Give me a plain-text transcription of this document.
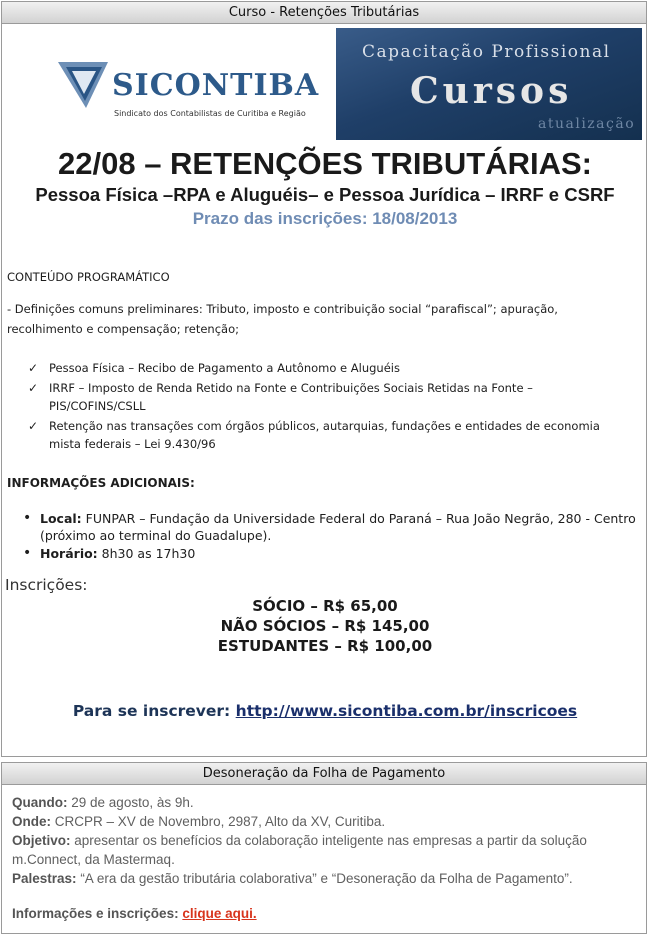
Curso - Retenções Tributárias
SICONTIBA
Sindicato dos Contabilistas de Curitiba e Região
Capacitação Profissional
Cursos
atualização
22/08 – RETENÇÕES TRIBUTÁRIAS:
Pessoa Física –RPA e Aluguéis– e Pessoa Jurídica – IRRF e CSRF
Prazo das inscrições: 18/08/2013
CONTEÚDO PROGRAMÁTICO
- Definições comuns preliminares: Tributo, imposto e contribuição social “parafiscal”; apuração, recolhimento e compensação; retenção;
✓ Pessoa Física – Recibo de Pagamento a Autônomo e Aluguéis
✓ IRRF – Imposto de Renda Retido na Fonte e Contribuições Sociais Retidas na Fonte – PIS/COFINS/CSLL
✓ Retenção nas transações com órgãos públicos, autarquias, fundações e entidades de economia mista federais – Lei 9.430/96
INFORMAÇÕES ADICIONAIS:
• Local: FUNPAR – Fundação da Universidade Federal do Paraná – Rua João Negrão, 280 - Centro (próximo ao terminal do Guadalupe).
• Horário: 8h30 as 17h30
Inscrições:
SÓCIO – R$ 65,00
NÃO SÓCIOS – R$ 145,00
ESTUDANTES – R$ 100,00
Para se inscrever: http://www.sicontiba.com.br/inscricoes
Desoneração da Folha de Pagamento
Quando: 29 de agosto, às 9h.
Onde: CRCPR – XV de Novembro, 2987, Alto da XV, Curitiba.
Objetivo: apresentar os benefícios da colaboração inteligente nas empresas a partir da solução m.Connect, da Mastermaq.
Palestras: “A era da gestão tributária colaborativa” e “Desoneração da Folha de Pagamento”.
Informações e inscrições: clique aqui.
